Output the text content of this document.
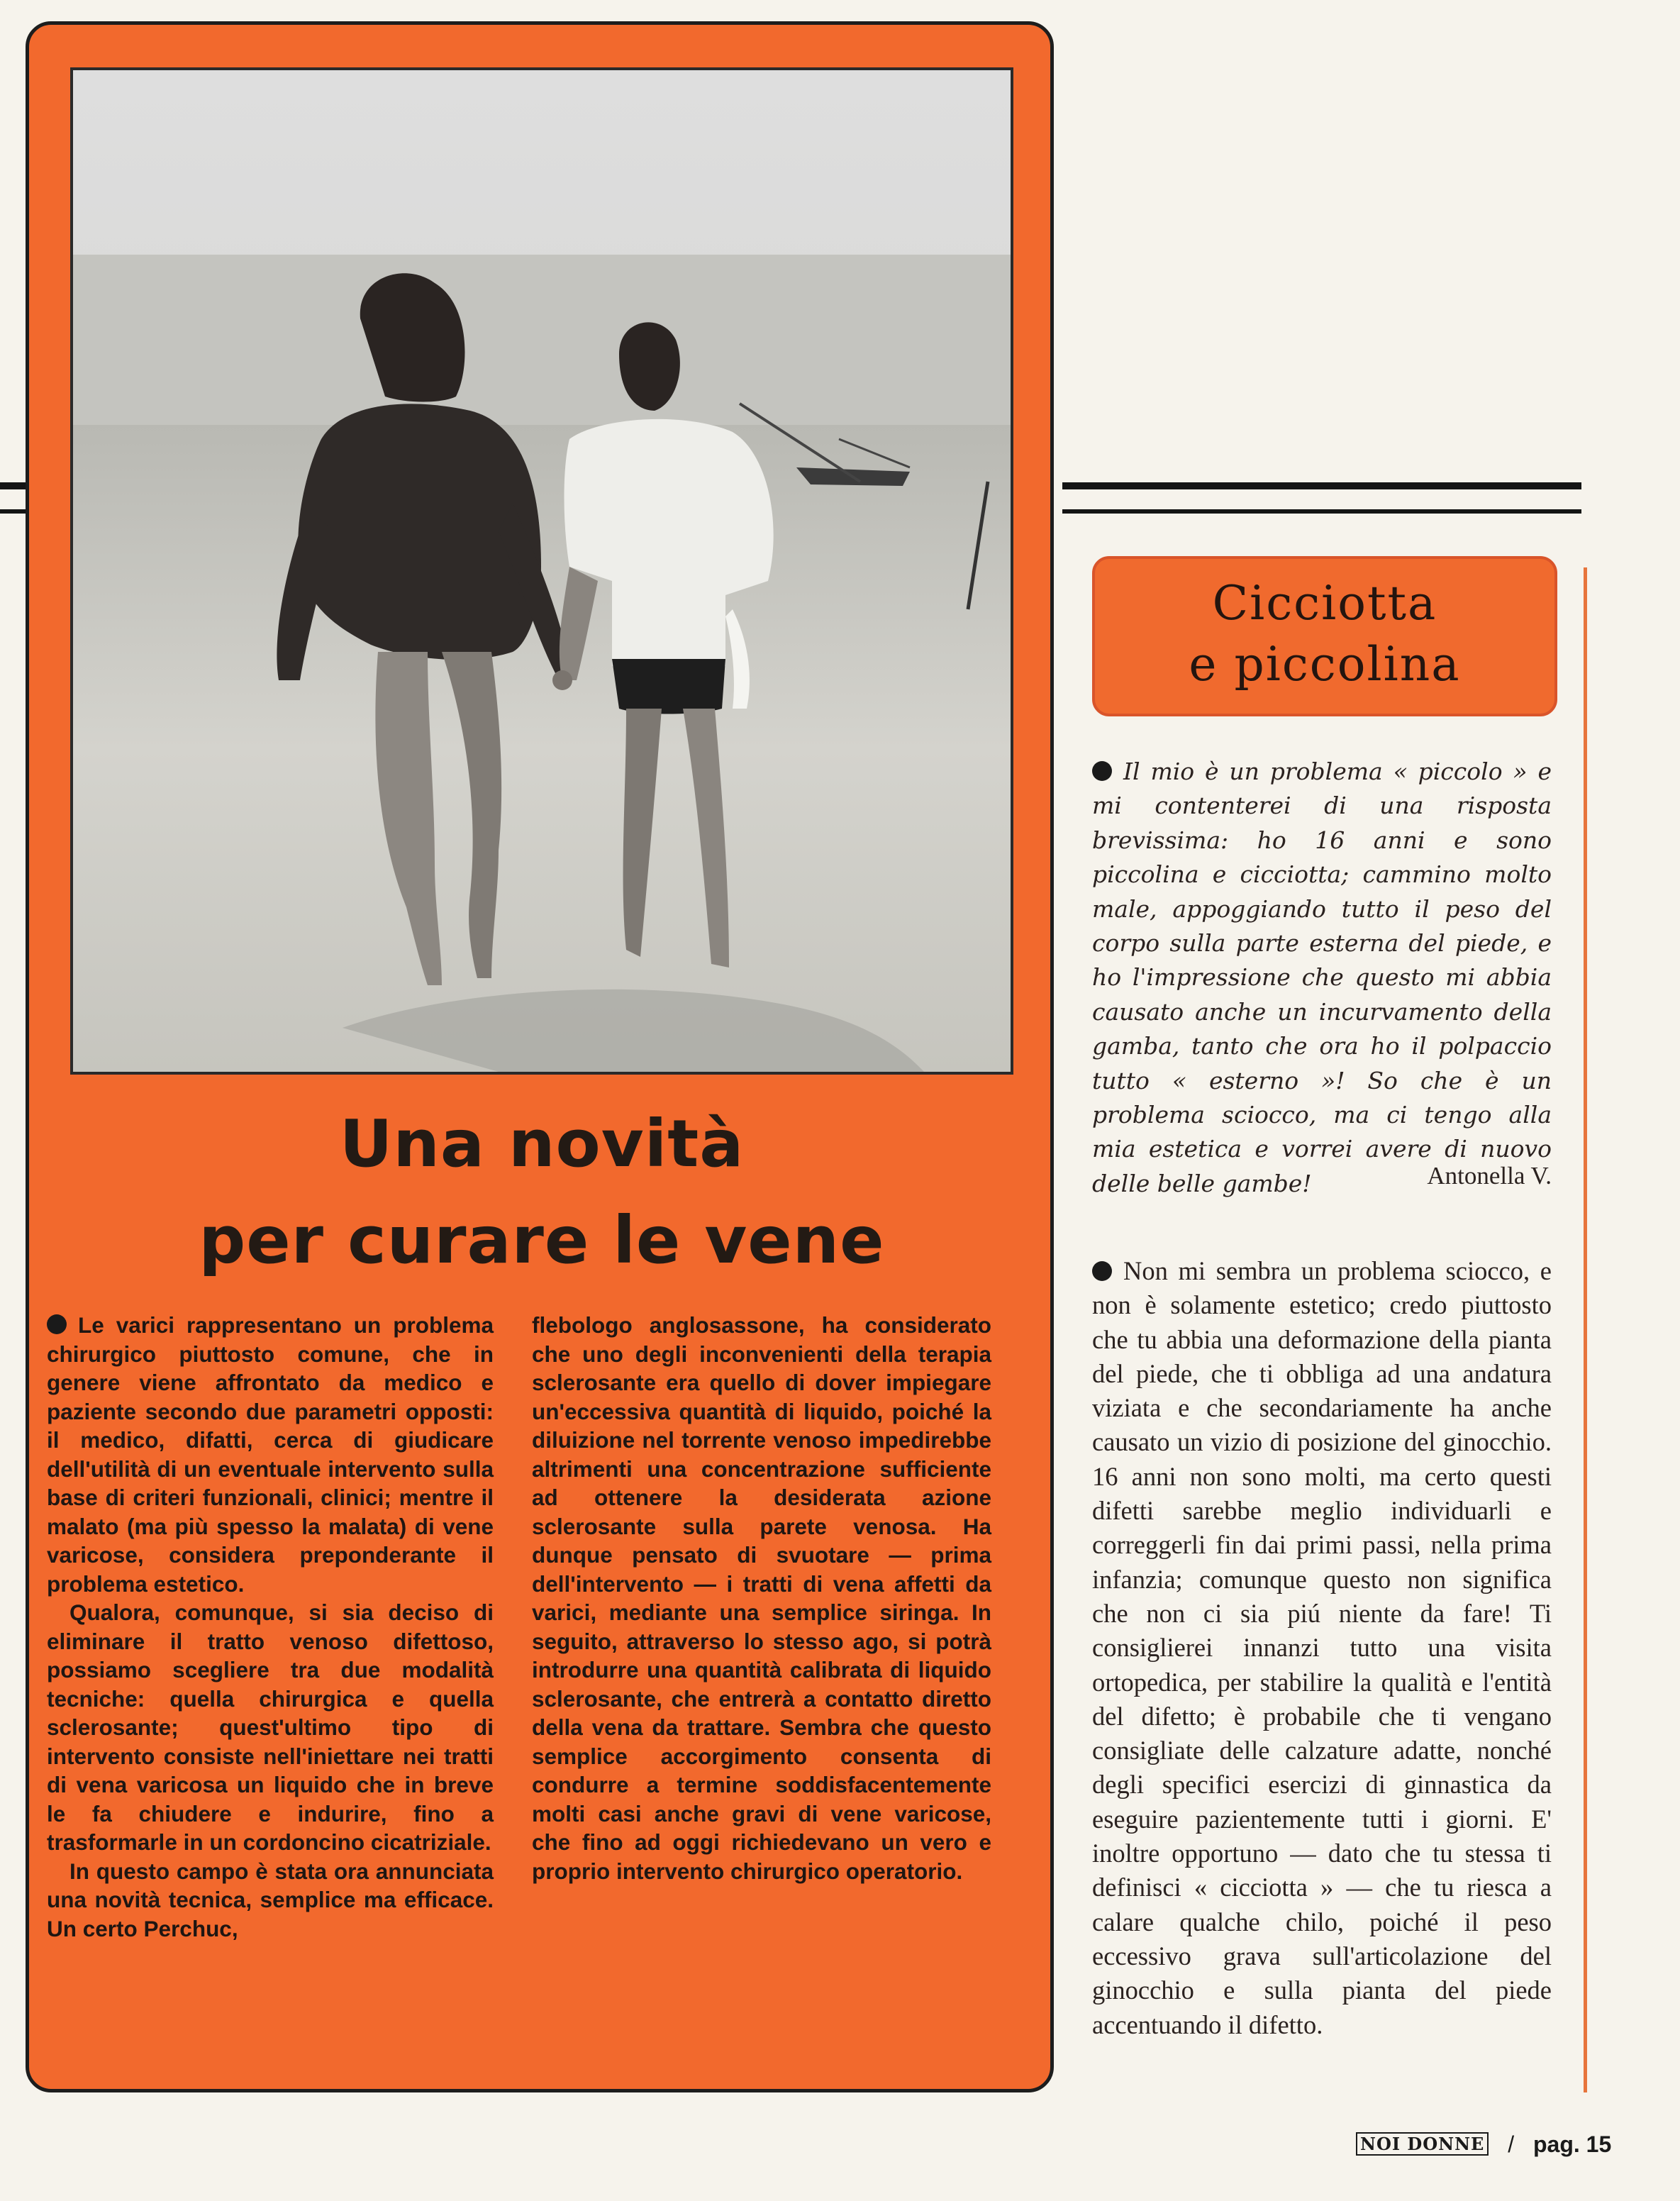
Una novità
per curare le vene

Le varici rappresentano un problema chirurgico piuttosto comune, che in genere viene affrontato da medico e paziente secondo due parametri opposti: il medico, difatti, cerca di giudicare dell'utilità di un eventuale intervento sulla base di criteri funzionali, clinici; mentre il malato (ma più spesso la malata) di vene varicose, considera preponderante il problema estetico.

Qualora, comunque, si sia deciso di eliminare il tratto venoso difettoso, possiamo scegliere tra due modalità tecniche: quella chirurgica e quella sclerosante; quest'ultimo tipo di intervento consiste nell'iniettare nei tratti di vena varicosa un liquido che in breve le fa chiudere e indurire, fino a trasformarle in un cordoncino cicatriziale.

In questo campo è stata ora annunciata una novità tecnica, semplice ma efficace. Un certo Perchuc,

flebologo anglosassone, ha considerato che uno degli inconvenienti della terapia sclerosante era quello di dover impiegare un'eccessiva quantità di liquido, poiché la diluizione nel torrente venoso impedirebbe altrimenti una concentrazione sufficiente ad ottenere la desiderata azione sclerosante sulla parete venosa. Ha dunque pensato di svuotare — prima dell'intervento — i tratti di vena affetti da varici, mediante una semplice siringa. In seguito, attraverso lo stesso ago, si potrà introdurre una quantità calibrata di liquido sclerosante, che entrerà a contatto diretto della vena da trattare. Sembra che questo semplice accorgimento consenta di condurre a termine soddisfacentemente molti casi anche gravi di vene varicose, che fino ad oggi richiedevano un vero e proprio intervento chirurgico operatorio.

Cicciotta
e piccolina

Il mio è un problema « piccolo » e mi contenterei di una risposta brevissima: ho 16 anni e sono piccolina e cicciotta; cammino molto male, appoggiando tutto il peso del corpo sulla parte esterna del piede, e ho l'impressione che questo mi abbia causato anche un incurvamento della gamba, tanto che ora ho il polpaccio tutto « esterno »! So che è un problema sciocco, ma ci tengo alla mia estetica e vorrei avere di nuovo delle belle gambe!	Antonella V.

Non mi sembra un problema sciocco, e non è solamente estetico; credo piuttosto che tu abbia una deformazione della pianta del piede, che ti obbliga ad una andatura viziata e che secondariamente ha anche causato un vizio di posizione del ginocchio. 16 anni non sono molti, ma certo questi difetti sarebbe meglio individuarli e correggerli fin dai primi passi, nella prima infanzia; comunque questo non significa che non ci sia piú niente da fare! Ti consiglierei innanzi tutto una visita ortopedica, per stabilire la qualità e l'entità del difetto; è probabile che ti vengano consigliate delle calzature adatte, nonché degli specifici esercizi di ginnastica da eseguire pazientemente tutti i giorni. E' inoltre opportuno — dato che tu stessa ti definisci « cicciotta » — che tu riesca a calare qualche chilo, poiché il peso eccessivo grava sull'articolazione del ginocchio e sulla pianta del piede accentuando il difetto.

NOI DONNE / pag. 15
